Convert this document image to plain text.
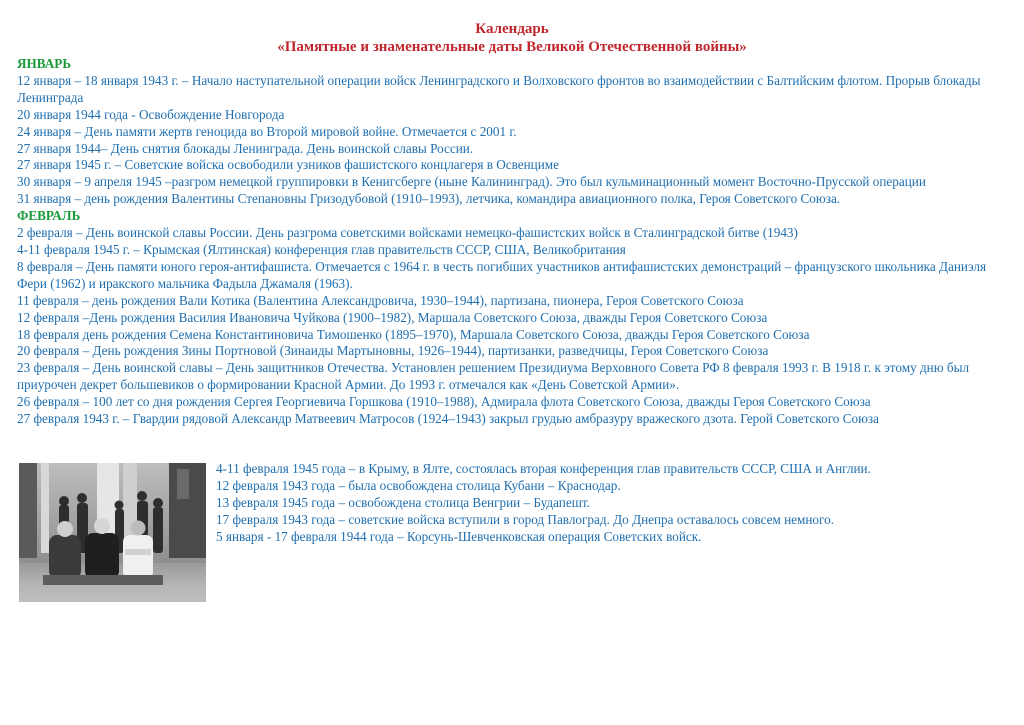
Календарь
«Памятные и знаменательные даты Великой Отечественной войны»
ЯНВАРЬ
12 января – 18 января 1943 г. – Начало наступательной операции войск Ленинградского и Волховского фронтов во взаимодействии с Балтийским флотом. Прорыв блокады Ленинграда
20 января 1944 года - Освобождение Новгорода
24 января – День памяти жертв геноцида во Второй мировой войне. Отмечается с 2001 г.
27 января 1944– День снятия блокады Ленинграда. День воинской славы России.
27 января 1945 г. – Советские войска освободили узников фашистского концлагеря в Освенциме
30 января – 9 апреля 1945 –разгром немецкой группировки в Кенигсберге (ныне Калининград). Это был кульминационный момент Восточно-Прусской операции
31 января – день рождения Валентины Степановны Гризодубовой (1910–1993), летчика, командира авиационного полка, Героя Советского Союза.
ФЕВРАЛЬ
2 февраля – День воинской славы России. День разгрома советскими войсками немецко-фашистских войск в Сталинградской битве (1943)
4-11 февраля 1945 г. – Крымская (Ялтинская) конференция глав правительств СССР, США, Великобритания
8 февраля – День памяти юного героя-антифашиста. Отмечается с 1964 г. в честь погибших участников антифашистских демонстраций – французского школьника Даниэля Фери (1962) и иракского мальчика Фадыла Джамаля (1963).
11 февраля – день рождения Вали Котика (Валентина Александровича, 1930–1944), партизана, пионера, Героя Советского Союза
12 февраля –День рождения Василия Ивановича Чуйкова (1900–1982), Маршала Советского Союза, дважды Героя Советского Союза
18 февраля день рождения Семена Константиновича Тимошенко (1895–1970), Маршала Советского Союза, дважды Героя Советского Союза
20 февраля – День рождения Зины Портновой (Зинаиды Мартыновны, 1926–1944), партизанки, разведчицы, Героя Советского Союза
23 февраля – День воинской славы – День защитников Отечества. Установлен решением Президиума Верховного Совета РФ 8 февраля 1993 г. В 1918 г. к этому дню был приурочен декрет большевиков о формировании Красной Армии. До 1993 г. отмечался как «День Советской Армии».
26 февраля – 100 лет со дня рождения Сергея Георгиевича Горшкова (1910–1988), Адмирала флота Советского Союза, дважды Героя Советского Союза
27 февраля 1943 г. – Гвардии рядовой Александр Матвеевич Матросов (1924–1943) закрыл грудью амбразуру вражеского дзота. Герой Советского Союза
4-11 февраля 1945 года – в Крыму, в Ялте, состоялась вторая конференция глав правительств СССР, США и Англии.
12 февраля 1943 года – была освобождена столица Кубани – Краснодар.
13 февраля 1945 года – освобождена столица Венгрии – Будапешт.
17 февраля 1943 года – советские войска вступили в город Павлоград. До Днепра оставалось совсем немного.
5 января - 17 февраля 1944 года – Корсунь-Шевченковская операция Советских войск.
